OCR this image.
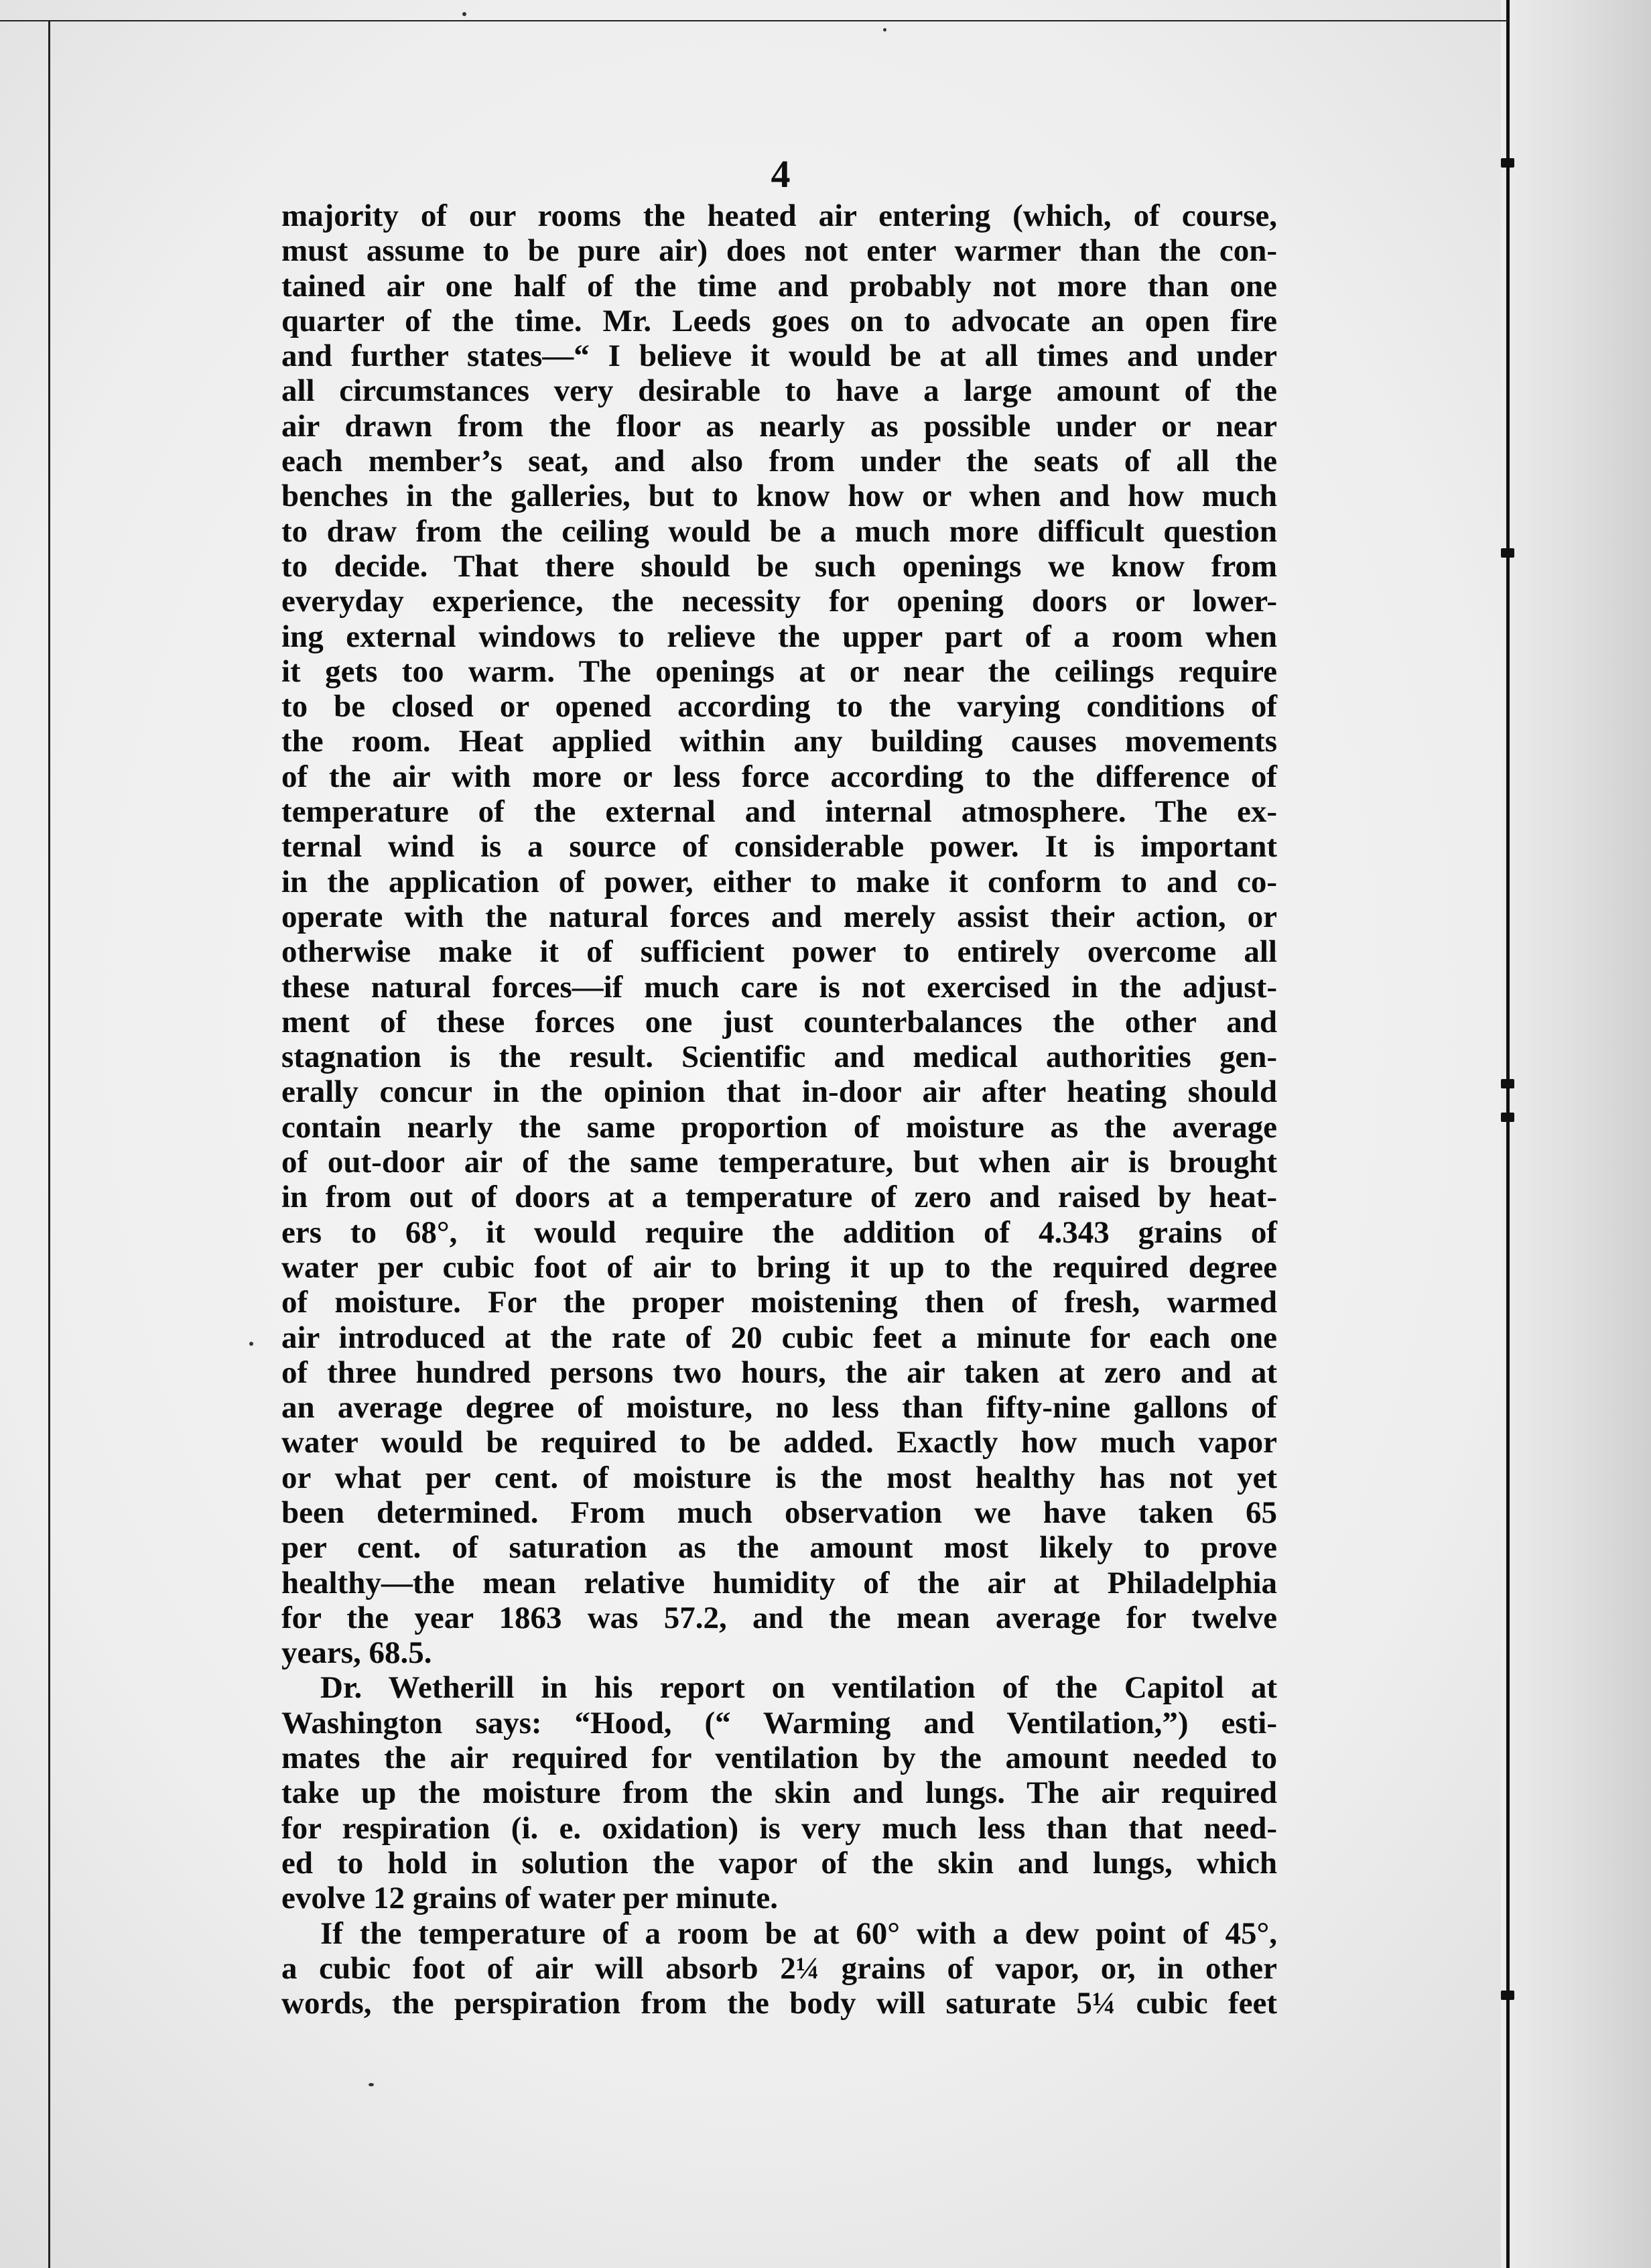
4
majority of our rooms the heated air entering (which, of course,
must assume to be pure air) does not enter warmer than the con-
tained air one half of the time and probably not more than one
quarter of the time. Mr. Leeds goes on to advocate an open fire
and further states—“ I believe it would be at all times and under
all circumstances very desirable to have a large amount of the
air drawn from the floor as nearly as possible under or near
each member’s seat, and also from under the seats of all the
benches in the galleries, but to know how or when and how much
to draw from the ceiling would be a much more difficult question
to decide. That there should be such openings we know from
everyday experience, the necessity for opening doors or lower-
ing external windows to relieve the upper part of a room when
it gets too warm. The openings at or near the ceilings require
to be closed or opened according to the varying conditions of
the room. Heat applied within any building causes movements
of the air with more or less force according to the difference of
temperature of the external and internal atmosphere. The ex-
ternal wind is a source of considerable power. It is important
in the application of power, either to make it conform to and co-
operate with the natural forces and merely assist their action, or
otherwise make it of sufficient power to entirely overcome all
these natural forces—if much care is not exercised in the adjust-
ment of these forces one just counterbalances the other and
stagnation is the result. Scientific and medical authorities gen-
erally concur in the opinion that in-door air after heating should
contain nearly the same proportion of moisture as the average
of out-door air of the same temperature, but when air is brought
in from out of doors at a temperature of zero and raised by heat-
ers to 68°, it would require the addition of 4.343 grains of
water per cubic foot of air to bring it up to the required degree
of moisture. For the proper moistening then of fresh, warmed
air introduced at the rate of 20 cubic feet a minute for each one
of three hundred persons two hours, the air taken at zero and at
an average degree of moisture, no less than fifty-nine gallons of
water would be required to be added. Exactly how much vapor
or what per cent. of moisture is the most healthy has not yet
been determined. From much observation we have taken 65
per cent. of saturation as the amount most likely to prove
healthy—the mean relative humidity of the air at Philadelphia
for the year 1863 was 57.2, and the mean average for twelve
years, 68.5.
Dr. Wetherill in his report on ventilation of the Capitol at
Washington says: “Hood, (“ Warming and Ventilation,”) esti-
mates the air required for ventilation by the amount needed to
take up the moisture from the skin and lungs. The air required
for respiration (i. e. oxidation) is very much less than that need-
ed to hold in solution the vapor of the skin and lungs, which
evolve 12 grains of water per minute.
If the temperature of a room be at 60° with a dew point of 45°,
a cubic foot of air will absorb 2¼ grains of vapor, or, in other
words, the perspiration from the body will saturate 5¼ cubic feet
